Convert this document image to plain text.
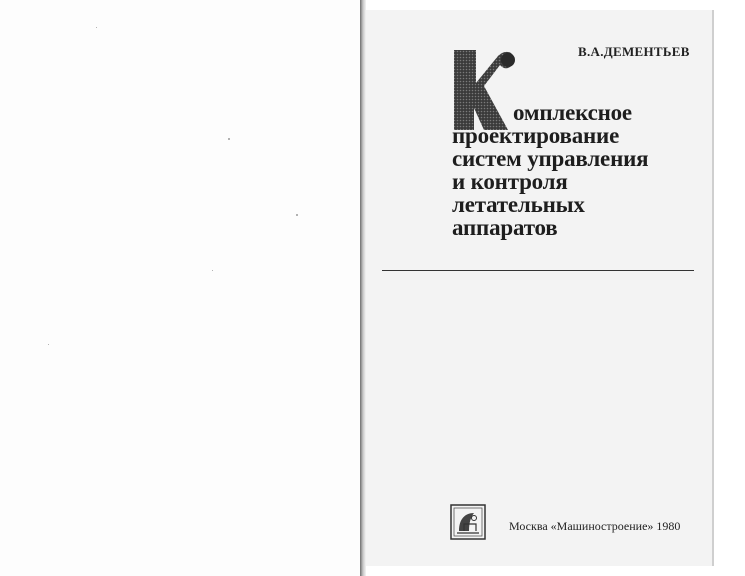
В.А.ДЕМЕНТЬЕВ
К
омплексное
проектирование
систем управления
и контроля
летательных
аппаратов
Москва «Машиностроение» 1980
